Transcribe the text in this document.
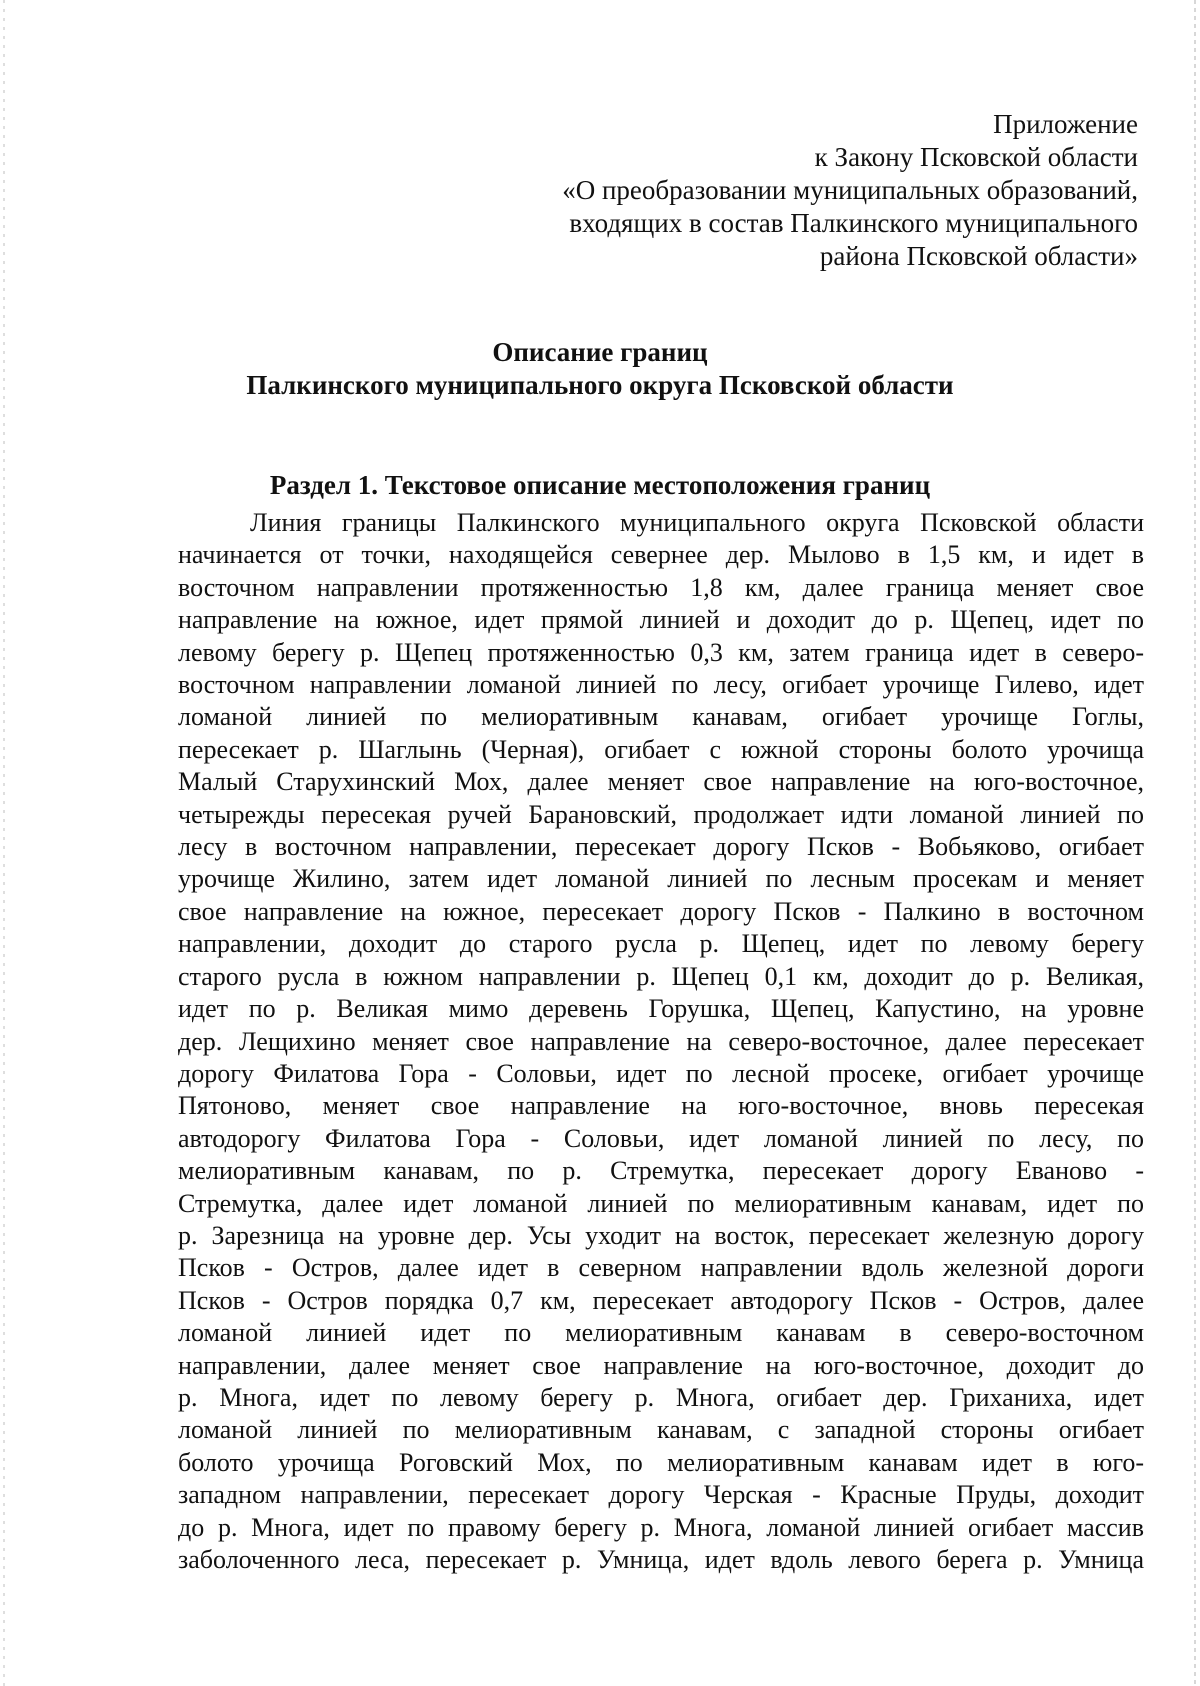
Приложение
к Закону Псковской области
«О преобразовании муниципальных образований,
входящих в состав Палкинского муниципального
района Псковской области»
Описание границ
Палкинского муниципального округа Псковской области
Раздел 1. Текстовое описание местоположения границ
Линия границы Палкинского муниципального округа Псковской области
начинается от точки, находящейся севернее дер. Мылово в 1,5 км, и идет в
восточном направлении протяженностью 1,8 км, далее граница меняет свое
направление на южное, идет прямой линией и доходит до р. Щепец, идет по
левому берегу р. Щепец протяженностью 0,3 км, затем граница идет в северо-
восточном направлении ломаной линией по лесу, огибает урочище Гилево, идет
ломаной линией по мелиоративным канавам, огибает урочище Гоглы,
пересекает р. Шаглынь (Черная), огибает с южной стороны болото урочища
Малый Старухинский Мох, далее меняет свое направление на юго-восточное,
четырежды пересекая ручей Барановский, продолжает идти ломаной линией по
лесу в восточном направлении, пересекает дорогу Псков - Вобьяково, огибает
урочище Жилино, затем идет ломаной линией по лесным просекам и меняет
свое направление на южное, пересекает дорогу Псков - Палкино в восточном
направлении, доходит до старого русла р. Щепец, идет по левому берегу
старого русла в южном направлении р. Щепец 0,1 км, доходит до р. Великая,
идет по р. Великая мимо деревень Горушка, Щепец, Капустино, на уровне
дер. Лещихино меняет свое направление на северо-восточное, далее пересекает
дорогу Филатова Гора - Соловьи, идет по лесной просеке, огибает урочище
Пятоново, меняет свое направление на юго-восточное, вновь пересекая
автодорогу Филатова Гора - Соловьи, идет ломаной линией по лесу, по
мелиоративным канавам, по р. Стремутка, пересекает дорогу Еваново -
Стремутка, далее идет ломаной линией по мелиоративным канавам, идет по
р. Зарезница на уровне дер. Усы уходит на восток, пересекает железную дорогу
Псков - Остров, далее идет в северном направлении вдоль железной дороги
Псков - Остров порядка 0,7 км, пересекает автодорогу Псков - Остров, далее
ломаной линией идет по мелиоративным канавам в северо-восточном
направлении, далее меняет свое направление на юго-восточное, доходит до
р. Многа, идет по левому берегу р. Многа, огибает дер. Гриханиха, идет
ломаной линией по мелиоративным канавам, с западной стороны огибает
болото урочища Роговский Мох, по мелиоративным канавам идет в юго-
западном направлении, пересекает дорогу Черская - Красные Пруды, доходит
до р. Многа, идет по правому берегу р. Многа, ломаной линией огибает массив
заболоченного леса, пересекает р. Умница, идет вдоль левого берега р. Умница
